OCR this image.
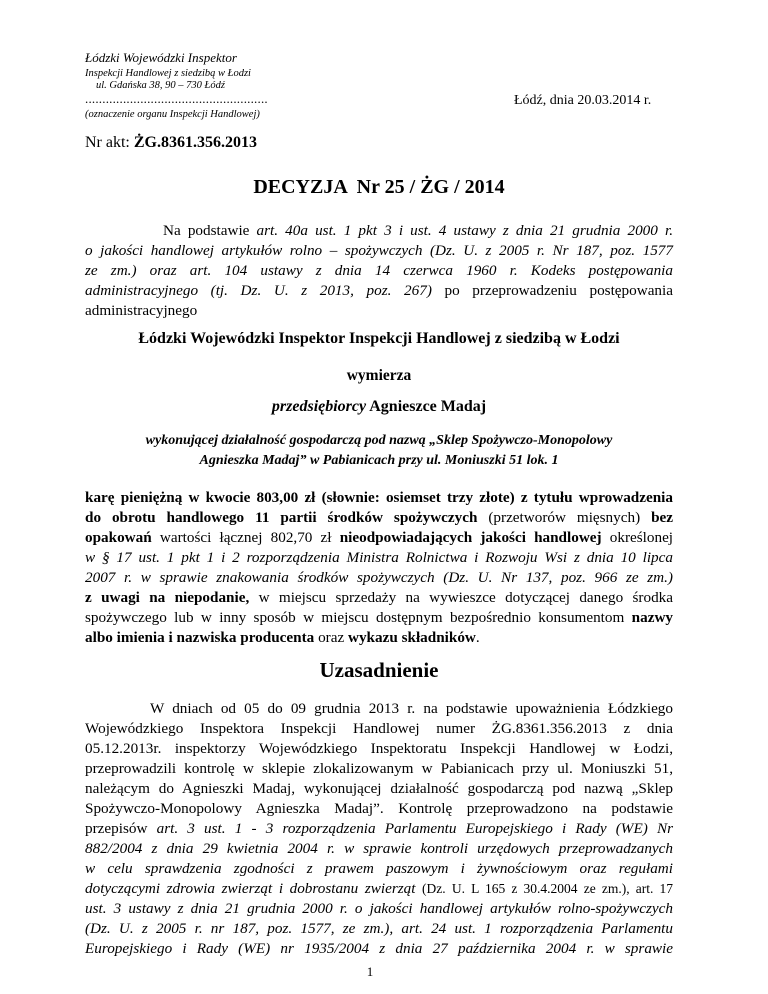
Łódzki Wojewódzki Inspektor
Inspekcji Handlowej z siedzibą w Łodzi
ul. Gdańska 38, 90 – 730 Łódź
.....................................................
(oznaczenie organu Inspekcji Handlowej)
Łódź, dnia 20.03.2014 r.
Nr akt: ŻG.8361.356.2013
DECYZJA  Nr 25 / ŻG / 2014
Na podstawie art. 40a ust. 1 pkt 3 i ust. 4 ustawy z dnia 21 grudnia 2000 r.
o jakości handlowej artykułów rolno – spożywczych (Dz. U. z 2005 r. Nr 187, poz. 1577
ze zm.) oraz art. 104 ustawy z dnia 14 czerwca 1960 r. Kodeks postępowania
administracyjnego (tj. Dz. U. z 2013, poz. 267) po przeprowadzeniu postępowania
administracyjnego
Łódzki Wojewódzki Inspektor Inspekcji Handlowej z siedzibą w Łodzi
wymierza
przedsiębiorcy Agnieszce Madaj
wykonującej działalność gospodarczą pod nazwą „Sklep Spożywczo-Monopolowy
Agnieszka Madaj” w Pabianicach przy ul. Moniuszki 51 lok. 1
karę pieniężną w kwocie 803,00 zł (słownie: osiemset trzy złote) z tytułu wprowadzenia
do obrotu handlowego 11 partii środków spożywczych (przetworów mięsnych) bez
opakowań wartości łącznej 802,70 zł nieodpowiadających jakości handlowej określonej
w § 17 ust. 1 pkt 1 i 2 rozporządzenia Ministra Rolnictwa i Rozwoju Wsi z dnia 10 lipca
2007 r. w sprawie znakowania środków spożywczych (Dz. U. Nr 137, poz. 966 ze zm.)
z uwagi na niepodanie, w miejscu sprzedaży na wywieszce dotyczącej danego środka
spożywczego lub w inny sposób w miejscu dostępnym bezpośrednio konsumentom nazwy
albo imienia i nazwiska producenta oraz wykazu składników.
Uzasadnienie
W dniach od 05 do 09 grudnia 2013 r. na podstawie upoważnienia Łódzkiego
Wojewódzkiego Inspektora Inspekcji Handlowej numer ŻG.8361.356.2013 z dnia
05.12.2013r. inspektorzy Wojewódzkiego Inspektoratu Inspekcji Handlowej w Łodzi,
przeprowadzili kontrolę w sklepie zlokalizowanym w Pabianicach przy ul. Moniuszki 51,
należącym do Agnieszki Madaj, wykonującej działalność gospodarczą pod nazwą „Sklep
Spożywczo-Monopolowy Agnieszka Madaj”. Kontrolę przeprowadzono na podstawie
przepisów art. 3 ust. 1 - 3 rozporządzenia Parlamentu Europejskiego i Rady (WE) Nr
882/2004 z dnia 29 kwietnia 2004 r. w sprawie kontroli urzędowych przeprowadzanych
w celu sprawdzenia zgodności z prawem paszowym i żywnościowym oraz regułami
dotyczącymi zdrowia zwierząt i dobrostanu zwierząt (Dz. U. L 165 z 30.4.2004 ze zm.), art. 17
ust. 3 ustawy z dnia 21 grudnia 2000 r. o jakości handlowej artykułów rolno-spożywczych
(Dz. U. z 2005 r. nr 187, poz. 1577, ze zm.), art. 24 ust. 1 rozporządzenia Parlamentu
Europejskiego i Rady (WE) nr 1935/2004 z dnia 27 października 2004 r. w sprawie
1
